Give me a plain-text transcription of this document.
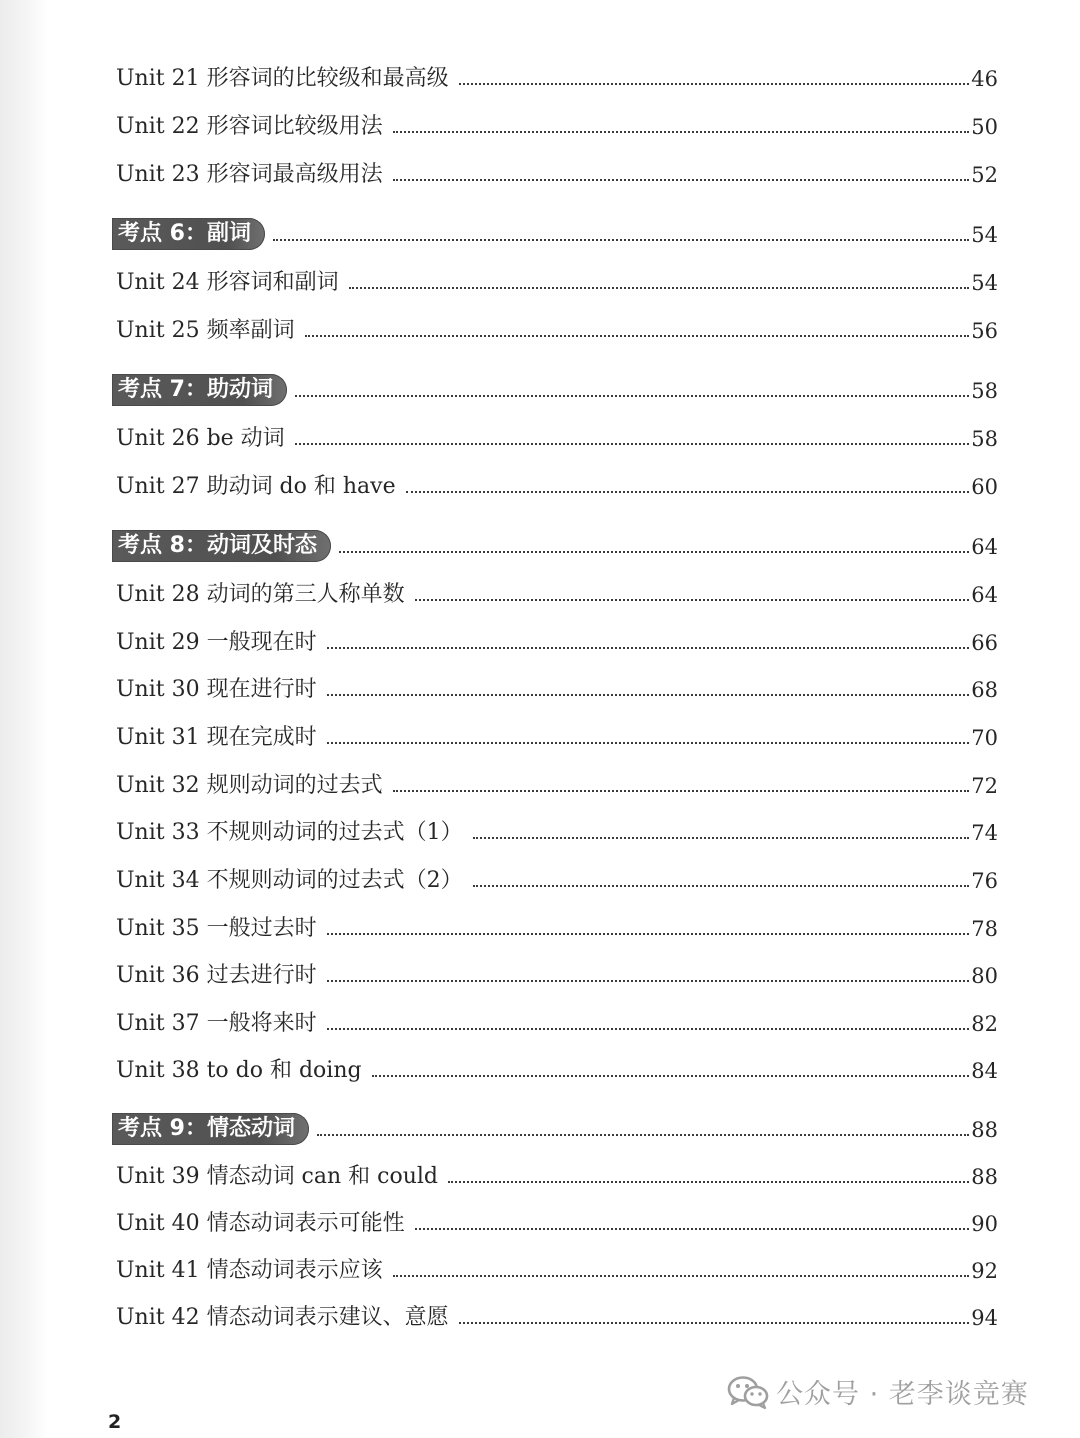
Unit 21 形容词的比较级和最高级	46
Unit 22 形容词比较级用法	50
Unit 23 形容词最高级用法	52
考点 6：副词	54
Unit 24 形容词和副词	54
Unit 25 频率副词	56
考点 7：助动词	58
Unit 26 be 动词	58
Unit 27 助动词 do 和 have	60
考点 8：动词及时态	64
Unit 28 动词的第三人称单数	64
Unit 29 一般现在时	66
Unit 30 现在进行时	68
Unit 31 现在完成时	70
Unit 32 规则动词的过去式	72
Unit 33 不规则动词的过去式（1）	74
Unit 34 不规则动词的过去式（2）	76
Unit 35 一般过去时	78
Unit 36 过去进行时	80
Unit 37 一般将来时	82
Unit 38 to do 和 doing	84
考点 9：情态动词	88
Unit 39 情态动词 can 和 could	88
Unit 40 情态动词表示可能性	90
Unit 41 情态动词表示应该	92
Unit 42 情态动词表示建议、意愿	94
公众号 · 老李谈竞赛
2
